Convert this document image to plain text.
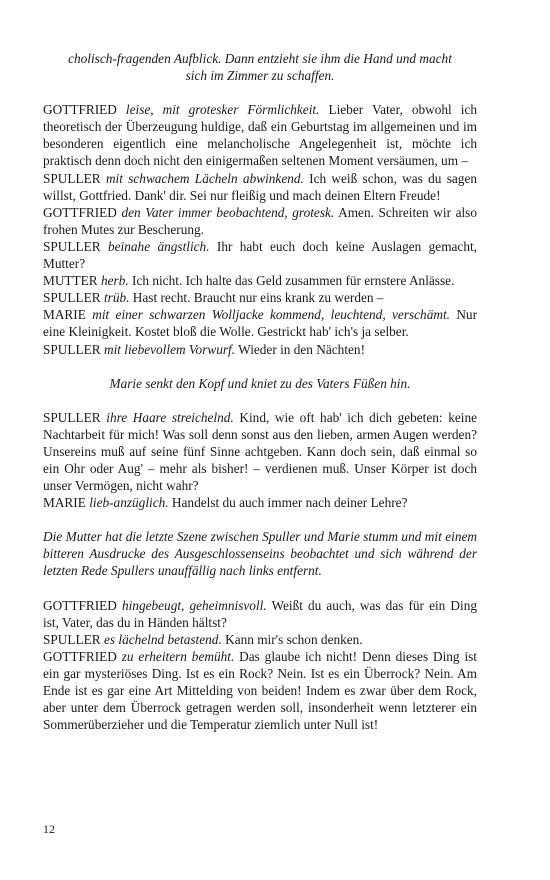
cholisch-fragenden Aufblick. Dann entzieht sie ihm die Hand und macht
sich im Zimmer zu schaffen.

GOTTFRIED leise, mit grotesker Förmlichkeit. Lieber Vater, obwohl ich theoretisch der Überzeugung huldige, daß ein Geburtstag im allgemeinen und im besonderen eigentlich eine melancholische Angelegenheit ist, möchte ich praktisch denn doch nicht den einigermaßen seltenen Moment versäumen, um –

SPULLER mit schwachem Lächeln abwinkend. Ich weiß schon, was du sagen willst, Gottfried. Dank' dir. Sei nur fleißig und mach deinen Eltern Freude!

GOTTFRIED den Vater immer beobachtend, grotesk. Amen. Schreiten wir also frohen Mutes zur Bescherung.

SPULLER beinahe ängstlich. Ihr habt euch doch keine Auslagen gemacht, Mutter?

MUTTER herb. Ich nicht. Ich halte das Geld zusammen für ernstere Anlässe.

SPULLER trüb. Hast recht. Braucht nur eins krank zu werden –

MARIE mit einer schwarzen Wolljacke kommend, leuchtend, verschämt. Nur eine Kleinigkeit. Kostet bloß die Wolle. Gestrickt hab' ich's ja selber.

SPULLER mit liebevollem Vorwurf. Wieder in den Nächten!

Marie senkt den Kopf und kniet zu des Vaters Füßen hin.

SPULLER ihre Haare streichelnd. Kind, wie oft hab' ich dich gebeten: keine Nachtarbeit für mich! Was soll denn sonst aus den lieben, armen Augen werden? Unsereins muß auf seine fünf Sinne achtgeben. Kann doch sein, daß einmal so ein Ohr oder Aug' – mehr als bisher! – verdienen muß. Unser Körper ist doch unser Vermögen, nicht wahr?

MARIE lieb-anzüglich. Handelst du auch immer nach deiner Lehre?

Die Mutter hat die letzte Szene zwischen Spuller und Marie stumm und mit einem bitteren Ausdrucke des Ausgeschlossenseins beobachtet und sich während der letzten Rede Spullers unauffällig nach links entfernt.

GOTTFRIED hingebeugt, geheimnisvoll. Weißt du auch, was das für ein Ding ist, Vater, das du in Händen hältst?

SPULLER es lächelnd betastend. Kann mir's schon denken.

GOTTFRIED zu erheitern bemüht. Das glaube ich nicht! Denn dieses Ding ist ein gar mysteriöses Ding. Ist es ein Rock? Nein. Ist es ein Überrock? Nein. Am Ende ist es gar eine Art Mittelding von beiden! Indem es zwar über dem Rock, aber unter dem Überrock getragen werden soll, insonderheit wenn letzterer ein Sommerüberzieher und die Temperatur ziemlich unter Null ist!

12
